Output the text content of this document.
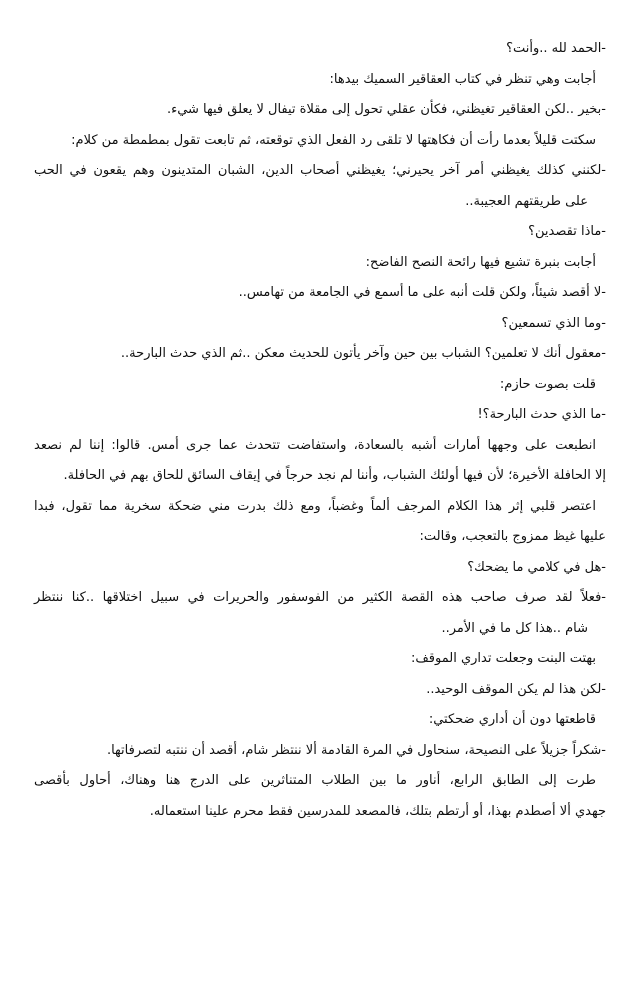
-الحمد لله ..وأنت؟
أجابت وهي تنظر في كتاب العقاقير السميك بيدها:
-بخير ..لكن العقاقير تغيظني، فكأن عقلي تحول إلى مقلاة تيفال لا يعلق فيها شيء.
سكتت قليلاً بعدما رأت أن فكاهتها لا تلقى رد الفعل الذي توقعته، ثم تابعت تقول بمطمطة من كلام:
-لكنني كذلك يغيظني أمر آخر يحيرني؛ يغيظني أصحاب الدين، الشبان المتدينون وهم يقعون في الحب
على طريقتهم العجيبة..
-ماذا تقصدين؟
أجابت بنبرة تشيع فيها رائحة النصح الفاضح:
-لا أقصد شيئاً، ولكن قلت أنبه على ما أسمع في الجامعة من تهامس..
-وما الذي تسمعين؟
-معقول أنك لا تعلمين؟ الشباب بين حين وآخر يأتون للحديث معكن ..ثم الذي حدث البارحة..
قلت بصوت حازم:
-ما الذي حدث البارحة؟!
انطبعت على وجهها أمارات أشبه بالسعادة، واستفاضت تتحدث عما جرى أمس. قالوا: إننا لم نصعد
إلا الحافلة الأخيرة؛ لأن فيها أولئك الشباب، وأننا لم نجد حرجاً في إيقاف السائق للحاق بهم في الحافلة.
اعتصر قلبي إثر هذا الكلام المرجف ألماً وغضباً، ومع ذلك بدرت مني ضحكة سخرية مما تقول، فبدا
عليها غيظ ممزوج بالتعجب، وقالت:
-هل في كلامي ما يضحك؟
-فعلاً لقد صرف صاحب هذه القصة الكثير من الفوسفور والحريرات في سبيل اختلاقها ..كنا ننتظر
شام ..هذا كل ما في الأمر..
بهتت البنت وجعلت تداري الموقف:
-لكن هذا لم يكن الموقف الوحيد..
قاطعتها دون أن أداري ضحكتي:
-شكراً جزيلاً على النصيحة، سنحاول في المرة القادمة ألا ننتظر شام، أقصد أن ننتبه لتصرفاتها.
طرت إلى الطابق الرابع، أناور ما بين الطلاب المتناثرين على الدرج هنا وهناك، أحاول بأقصى
جهدي ألا أصطدم بهذا، أو أرتطم بتلك، فالمصعد للمدرسين فقط محرم علينا استعماله.
